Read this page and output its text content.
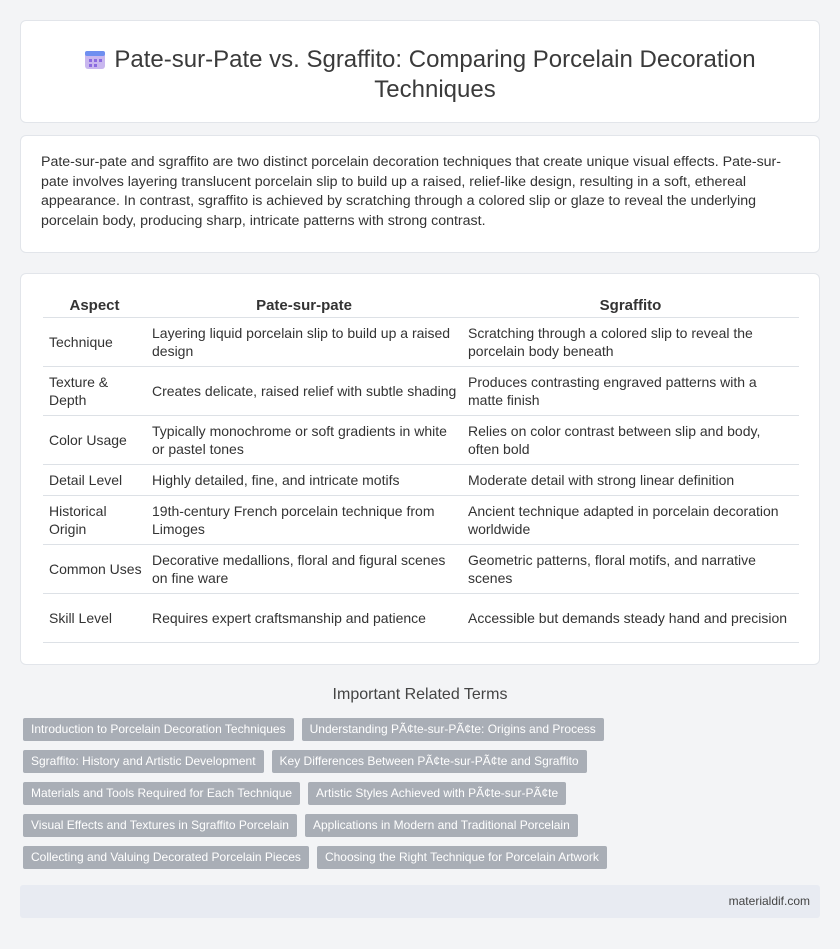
Pate-sur-Pate vs. Sgraffito: Comparing Porcelain Decoration Techniques

Pate-sur-pate and sgraffito are two distinct porcelain decoration techniques that create unique visual effects. Pate-sur-pate involves layering translucent porcelain slip to build up a raised, relief-like design, resulting in a soft, ethereal appearance. In contrast, sgraffito is achieved by scratching through a colored slip or glaze to reveal the underlying porcelain body, producing sharp, intricate patterns with strong contrast.

Aspect	Pate-sur-pate	Sgraffito
Technique	Layering liquid porcelain slip to build up a raised design	Scratching through a colored slip to reveal the porcelain body beneath
Texture & Depth	Creates delicate, raised relief with subtle shading	Produces contrasting engraved patterns with a matte finish
Color Usage	Typically monochrome or soft gradients in white or pastel tones	Relies on color contrast between slip and body, often bold
Detail Level	Highly detailed, fine, and intricate motifs	Moderate detail with strong linear definition
Historical Origin	19th-century French porcelain technique from Limoges	Ancient technique adapted in porcelain decoration worldwide
Common Uses	Decorative medallions, floral and figural scenes on fine ware	Geometric patterns, floral motifs, and narrative scenes
Skill Level	Requires expert craftsmanship and patience	Accessible but demands steady hand and precision
Important Related Terms
Introduction to Porcelain Decoration Techniques	Understanding PÃ¢te-sur-PÃ¢te: Origins and Process
Sgraffito: History and Artistic Development	Key Differences Between PÃ¢te-sur-PÃ¢te and Sgraffito
Materials and Tools Required for Each Technique	Artistic Styles Achieved with PÃ¢te-sur-PÃ¢te
Visual Effects and Textures in Sgraffito Porcelain	Applications in Modern and Traditional Porcelain
Collecting and Valuing Decorated Porcelain Pieces	Choosing the Right Technique for Porcelain Artwork
materialdif.com
